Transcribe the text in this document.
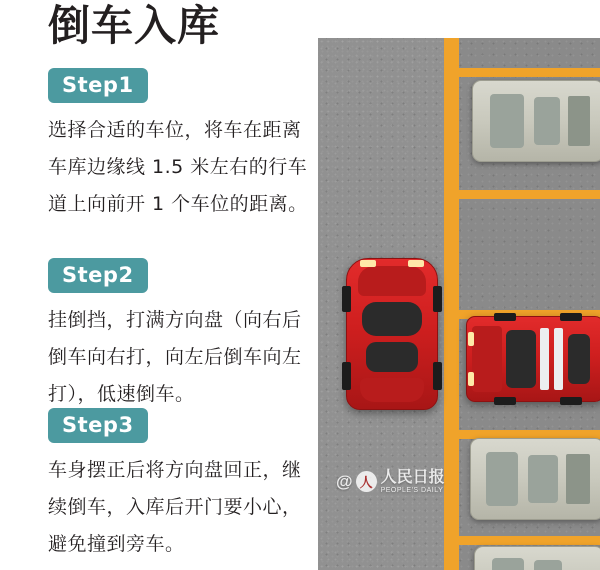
倒车入库
Step1
选择合适的车位，将车在距离车库边缘线 1.5 米左右的行车道上向前开 1 个车位的距离。
Step2
挂倒挡，打满方向盘（向右后倒车向右打，向左后倒车向左打），低速倒车。
Step3
车身摆正后将方向盘回正，继续倒车，入库后开门要小心，避免撞到旁车。
@ 人 人民日报
PEOPLE'S DAILY
